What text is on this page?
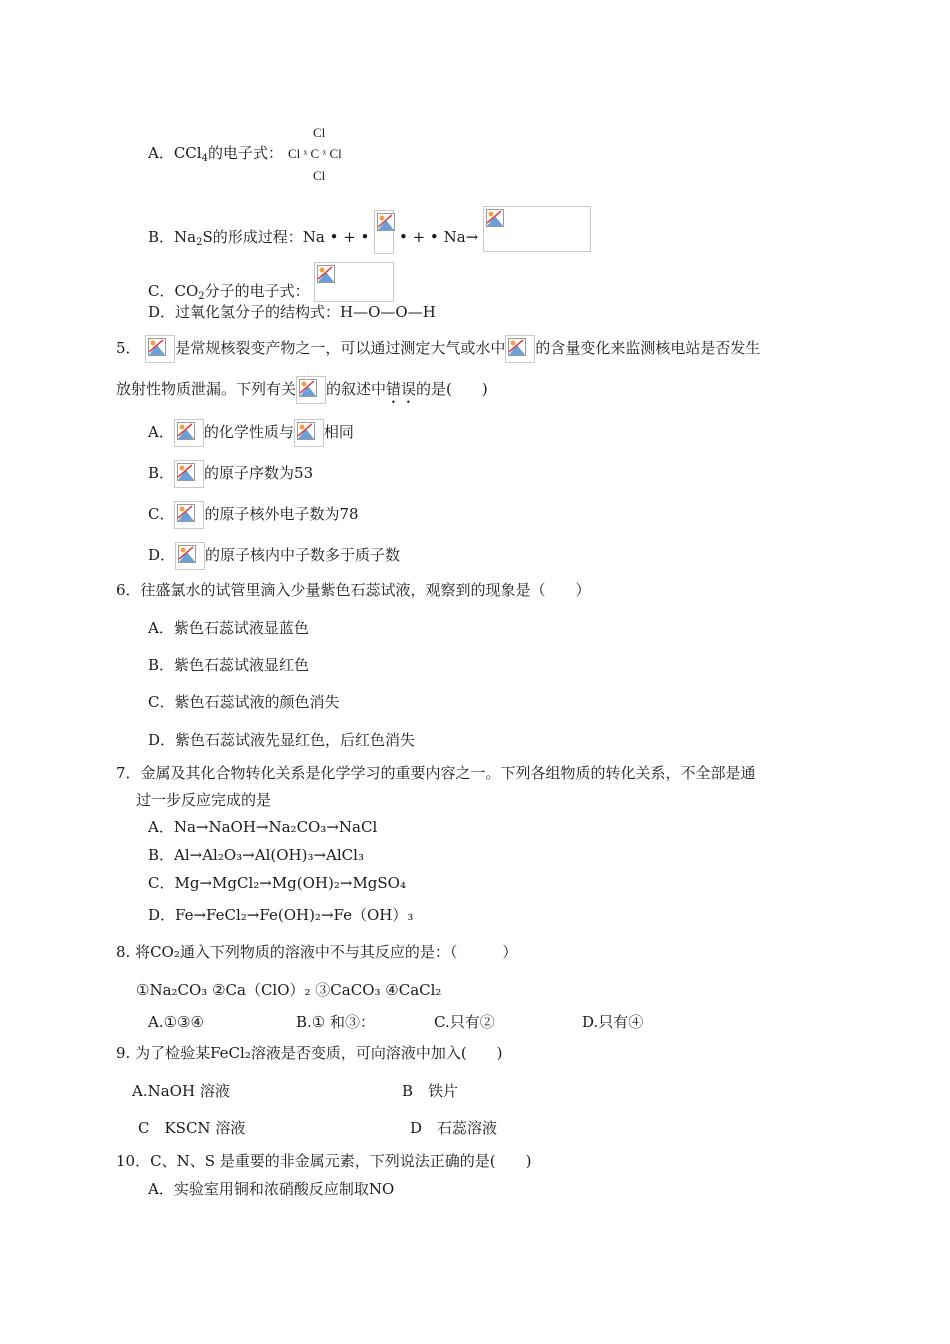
A．CCl$_4$的电子式：
Cl
Cl ˣ C ˣ Cl
Cl
B．$Na_2S$的形成过程：Na • + • • + • Na→
C．$CO_2$分子的电子式：
D．过氧化氢分子的结构式：H—O—O—H
5． 是常规核裂变产物之一，可以通过测定大气或水中 的含量变化来监测核电站是否发生
放射性物质泄漏。下列有关 的叙述中错误的是(　　)
A． 的化学性质与 相同
B． 的原子序数为53
C． 的原子核外电子数为78
D． 的原子核内中子数多于质子数
6．往盛氯水的试管里滴入少量紫色石蕊试液，观察到的现象是（　　）
A．紫色石蕊试液显蓝色
B．紫色石蕊试液显红色
C．紫色石蕊试液的颜色消失
D．紫色石蕊试液先显红色，后红色消失
7．金属及其化合物转化关系是化学学习的重要内容之一。下列各组物质的转化关系，不全部是通
过一步反应完成的是
A．Na→NaOH→Na₂CO₃→NaCl
B．Al→Al₂O₃→Al(OH)₃→AlCl₃
C．Mg→MgCl₂→Mg(OH)₂→MgSO₄
D．Fe→FeCl₂→Fe(OH)₂→Fe（OH）₃
8. 将CO₂通入下列物质的溶液中不与其反应的是：（　　　）
①Na₂CO₃ ②Ca（ClO）₂ ③CaCO₃ ④CaCl₂
A.①③④	B.① 和③：	C.只有②	D.只有④
9. 为了检验某FeCl₂溶液是否变质，可向溶液中加入(　　)
A.NaOH 溶液	B　铁片
C　KSCN 溶液	D　石蕊溶液
10．C、N、S 是重要的非金属元素，下列说法正确的是(　　)
A．实验室用铜和浓硝酸反应制取NO
